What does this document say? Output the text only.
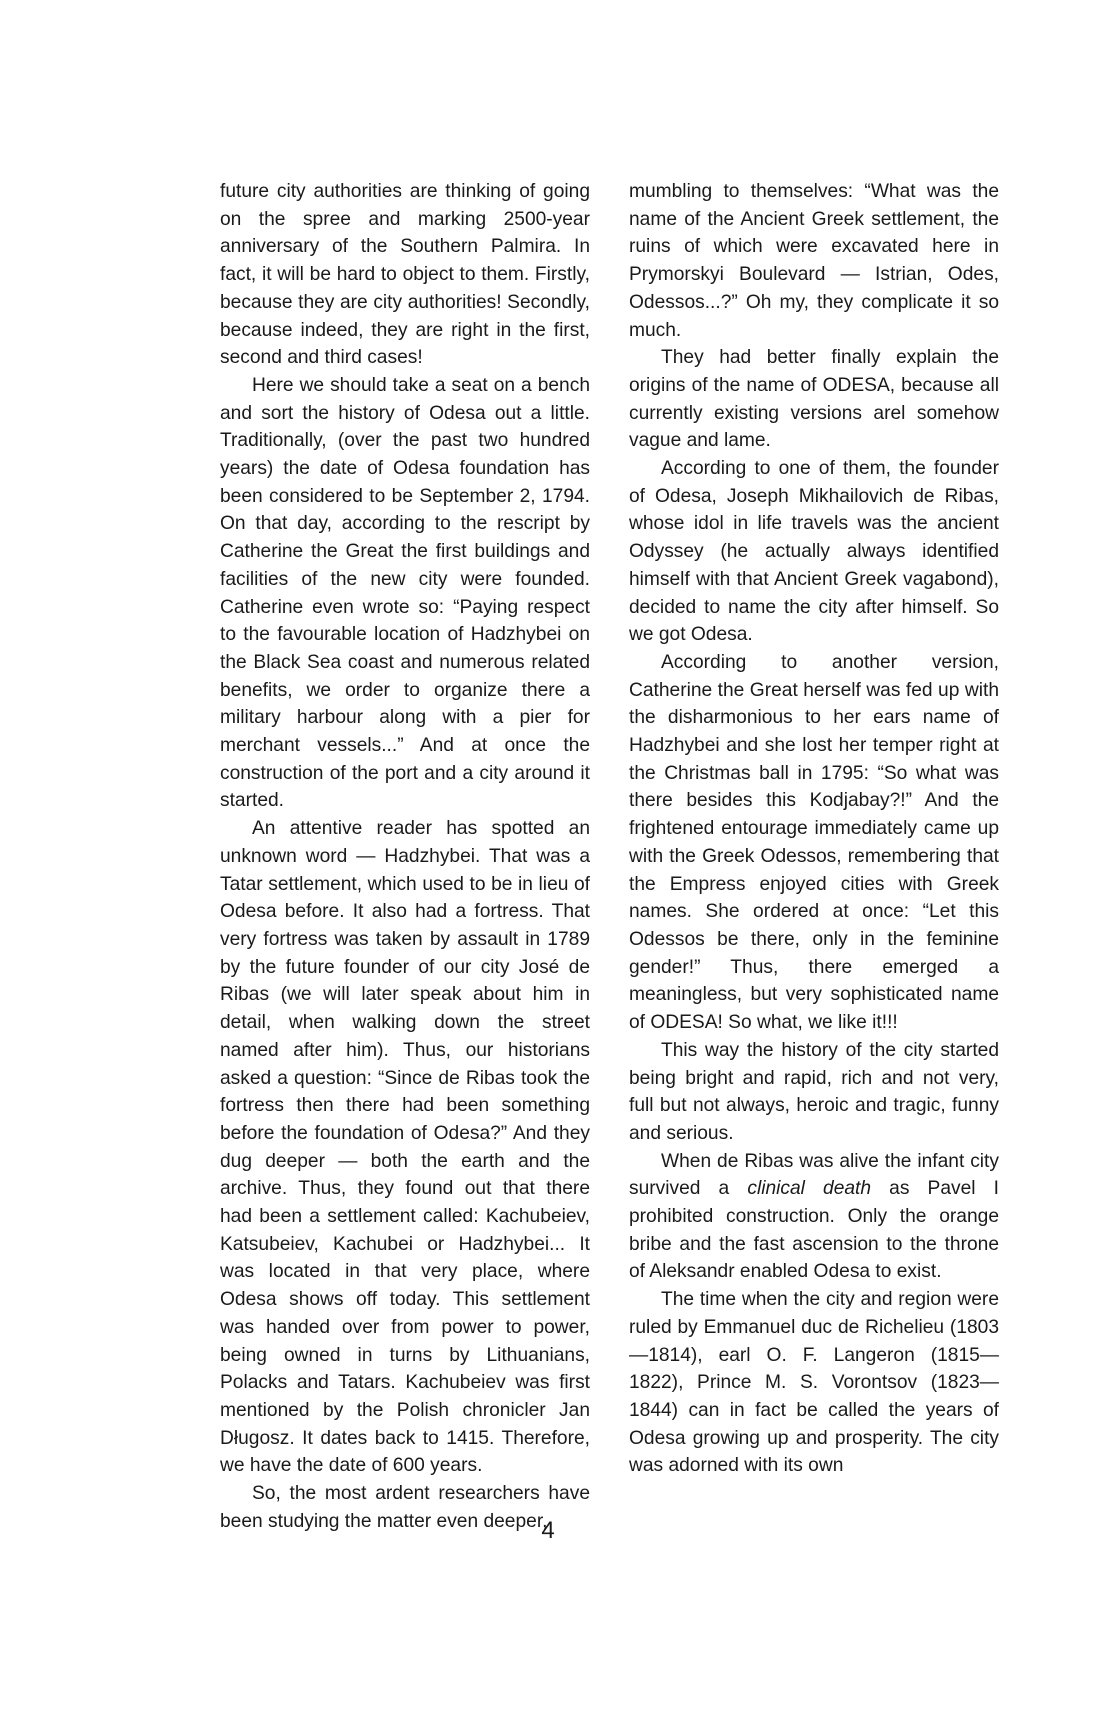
future city authorities are thinking of going on the spree and marking 2500-year anniversary of the Southern Palmira. In fact, it will be hard to object to them. Firstly, because they are city authorities! Secondly, because indeed, they are right in the first, second and third cases!

Here we should take a seat on a bench and sort the history of Odesa out a little. Traditionally, (over the past two hundred years) the date of Odesa foundation has been considered to be September 2, 1794. On that day, according to the rescript by Catherine the Great the first buildings and facilities of the new city were founded. Catherine even wrote so: “Paying respect to the favourable location of Hadzhybei on the Black Sea coast and numerous related benefits, we order to organize there a military harbour along with a pier for merchant vessels...” And at once the construction of the port and a city around it started.

An attentive reader has spotted an unknown word — Hadzhybei. That was a Tatar settlement, which used to be in lieu of Odesa before. It also had a fortress. That very fortress was taken by assault in 1789 by the future founder of our city José de Ribas (we will later speak about him in detail, when walking down the street named after him). Thus, our historians asked a question: “Since de Ribas took the fortress then there had been something before the foundation of Odesa?” And they dug deeper — both the earth and the archive. Thus, they found out that there had been a settlement called: Kachubeiev, Katsubeiev, Kachubei or Hadzhybei... It was located in that very place, where Odesa shows off today. This settlement was handed over from power to power, being owned in turns by Lithuanians, Polacks and Tatars. Kachubeiev was first mentioned by the Polish chronicler Jan Długosz. It dates back to 1415. Therefore, we have the date of 600 years.

So, the most ardent researchers have been studying the matter even deeper,

mumbling to themselves: “What was the name of the Ancient Greek settlement, the ruins of which were excavated here in Prymorskyi Boulevard — Istrian, Odes, Odessos...?” Oh my, they complicate it so much.

They had better finally explain the origins of the name of ODESA, because all currently existing versions arel somehow vague and lame.

According to one of them, the founder of Odesa, Joseph Mikhailovich de Ribas, whose idol in life travels was the ancient Odyssey (he actually always identified himself with that Ancient Greek vagabond), decided to name the city after himself. So we got Odesa.

According to another version, Catherine the Great herself was fed up with the disharmonious to her ears name of Hadzhybei and she lost her temper right at the Christmas ball in 1795: “So what was there besides this Kodjabay?!” And the frightened entourage immediately came up with the Greek Odessos, remembering that the Empress enjoyed cities with Greek names. She ordered at once: “Let this Odessos be there, only in the feminine gender!” Thus, there emerged a meaningless, but very sophisticated name of ODESA! So what, we like it!!!

This way the history of the city started being bright and rapid, rich and not very, full but not always, heroic and tragic, funny and serious.

When de Ribas was alive the infant city survived a clinical death as Pavel I prohibited construction. Only the orange bribe and the fast ascension to the throne of Aleksandr enabled Odesa to exist.

The time when the city and region were ruled by Emmanuel duc de Richelieu (1803—1814), earl O. F. Langeron (1815—1822), Prince M. S. Vorontsov (1823—1844) can in fact be called the years of Odesa growing up and prosperity. The city was adorned with its own

4
